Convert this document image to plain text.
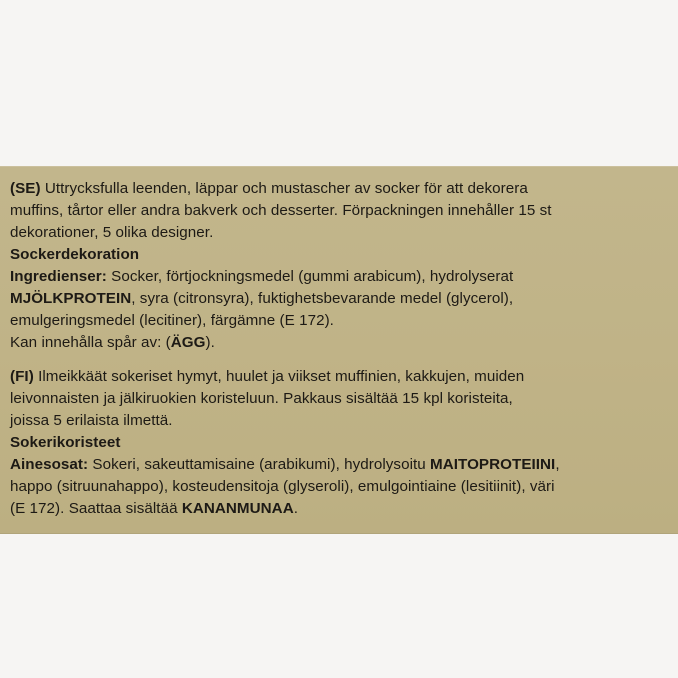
(SE) Uttrycksfulla leenden, läppar och mustascher av socker för att dekorera
muffins, tårtor eller andra bakverk och desserter. Förpackningen innehåller 15 st
dekorationer, 5 olika designer.
Sockerdekoration
Ingredienser: Socker, förtjockningsmedel (gummi arabicum), hydrolyserat
MJÖLKPROTEIN, syra (citronsyra), fuktighetsbevarande medel (glycerol),
emulgeringsmedel (lecitiner), färgämne (E 172).
Kan innehålla spår av: (ÄGG).
(FI) Ilmeikkäät sokeriset hymyt, huulet ja viikset muffinien, kakkujen, muiden
leivonnaisten ja jälkiruokien koristeluun. Pakkaus sisältää 15 kpl koristeita,
joissa 5 erilaista ilmettä.
Sokerikoristeet
Ainesosat: Sokeri, sakeuttamisaine (arabikumi), hydrolysoitu MAITOPROTEIINI,
happo (sitruunahappo), kosteudensitoja (glyseroli), emulgointiaine (lesitiinit), väri
(E 172). Saattaa sisältää KANANMUNAA.
